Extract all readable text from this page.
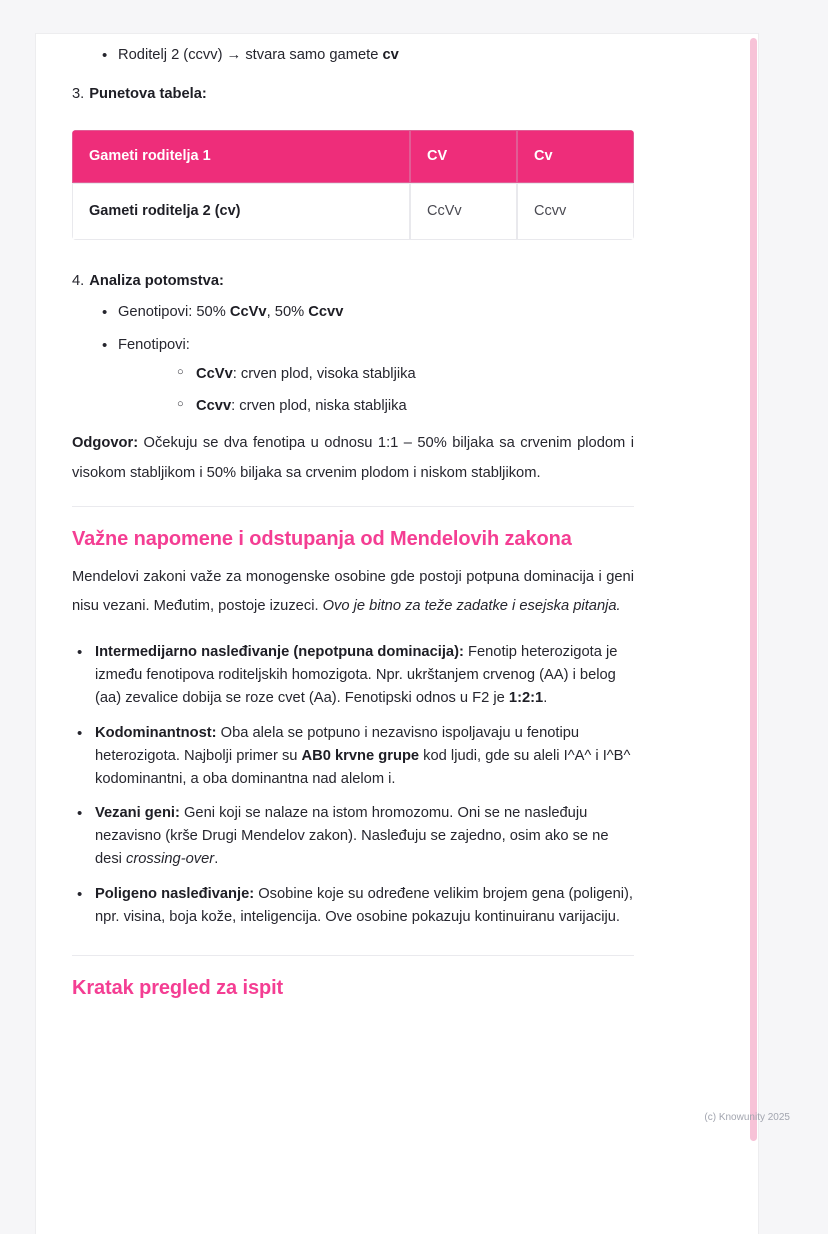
• Roditelj 2 (ccvv) → stvara samo gamete cv
3. Punetova tabela:
Gameti roditelja 1	CV	Cv
Gameti roditelja 2 (cv)	CcVv	Ccvv
4. Analiza potomstva:
• Genotipovi: 50% CcVv, 50% Ccvv
• Fenotipovi:
○ CcVv: crven plod, visoka stabljika
○ Ccvv: crven plod, niska stabljika

Odgovor: Očekuju se dva fenotipa u odnosu 1:1 – 50% biljaka sa crvenim plodom i visokom stabljikom i 50% biljaka sa crvenim plodom i niskom stabljikom.

Važne napomene i odstupanja od Mendelovih zakona

Mendelovi zakoni važe za monogenske osobine gde postoji potpuna dominacija i geni nisu vezani. Međutim, postoje izuzeci. Ovo je bitno za teže zadatke i esejska pitanja.

• Intermedijarno nasleđivanje (nepotpuna dominacija): Fenotip heterozigota je između fenotipova roditeljskih homozigota. Npr. ukrštanjem crvenog (AA) i belog (aa) zevalice dobija se roze cvet (Aa). Fenotipski odnos u F2 je 1:2:1.
• Kodominantnost: Oba alela se potpuno i nezavisno ispoljavaju u fenotipu heterozigota. Najbolji primer su AB0 krvne grupe kod ljudi, gde su aleli I^A^ i I^B^ kodominantni, a oba dominantna nad alelom i.
• Vezani geni: Geni koji se nalaze na istom hromozomu. Oni se ne nasleđuju nezavisno (krše Drugi Mendelov zakon). Nasleđuju se zajedno, osim ako se ne desi crossing-over.
• Poligeno nasleđivanje: Osobine koje su određene velikim brojem gena (poligeni), npr. visina, boja kože, inteligencija. Ove osobine pokazuju kontinuiranu varijaciju.
Kratak pregled za ispit
(c) Knowunity 2025
